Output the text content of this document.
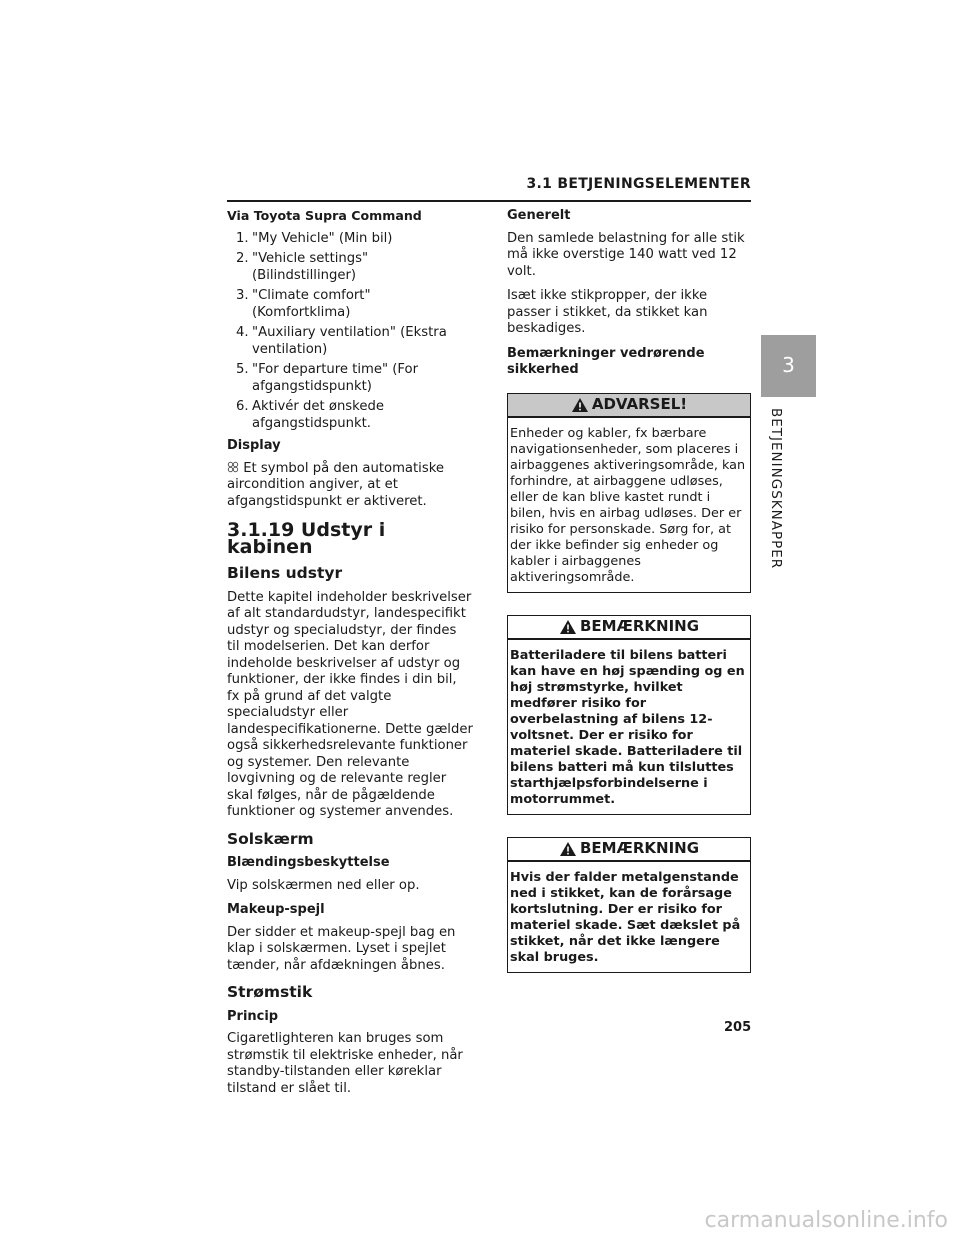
3.1 BETJENINGSELEMENTER
3
BETJENINGSKNAPPER
Via Toyota Supra Command
1. "My Vehicle" (Min bil)
2. "Vehicle settings" (Bilindstillinger)
3. "Climate comfort" (Komfortklima)
4. "Auxiliary ventilation" (Ekstra ventilation)
5. "For departure time" (For afgangstidspunkt)
6. Aktivér det ønskede afgangstidspunkt.
Display

Et symbol på den automatiske aircondition angiver, at et afgangstidspunkt er aktiveret.

3.1.19 Udstyr i kabinen
Bilens udstyr

Dette kapitel indeholder beskrivelser af alt standardudstyr, landespecifikt udstyr og specialudstyr, der findes til modelserien. Det kan derfor indeholde beskrivelser af udstyr og funktioner, der ikke findes i din bil, fx på grund af det valgte specialudstyr eller landespecifikationerne. Dette gælder også sikkerhedsrelevante funktioner og systemer. Den relevante lovgivning og de relevante regler skal følges, når de pågældende funktioner og systemer anvendes.

Solskærm
Blændingsbeskyttelse

Vip solskærmen ned eller op.

Makeup-spejl

Der sidder et makeup-spejl bag en klap i solskærmen. Lyset i spejlet tænder, når afdækningen åbnes.

Strømstik
Princip

Cigaretlighteren kan bruges som strømstik til elektriske enheder, når standby-tilstanden eller køreklar tilstand er slået til.

Generelt

Den samlede belastning for alle stik må ikke overstige 140 watt ved 12 volt.

Isæt ikke stikpropper, der ikke passer i stikket, da stikket kan beskadiges.

Bemærkninger vedrørende sikkerhed
ADVARSEL!
Enheder og kabler, fx bærbare navigationsenheder, som placeres i airbaggenes aktiveringsområde, kan forhindre, at airbaggene udløses, eller de kan blive kastet rundt i bilen, hvis en airbag udløses. Der er risiko for personskade. Sørg for, at der ikke befinder sig enheder og kabler i airbaggenes aktiveringsområde.
BEMÆRKNING
Batteriladere til bilens batteri kan have en høj spænding og en høj strømstyrke, hvilket medfører risiko for overbelastning af bilens 12-voltsnet. Der er risiko for materiel skade. Batteriladere til bilens batteri må kun tilsluttes starthjælpsforbindelserne i motorrummet.
BEMÆRKNING
Hvis der falder metalgenstande ned i stikket, kan de forårsage kortslutning. Der er risiko for materiel skade. Sæt dækslet på stikket, når det ikke længere skal bruges.
205
carmanualsonline.info
